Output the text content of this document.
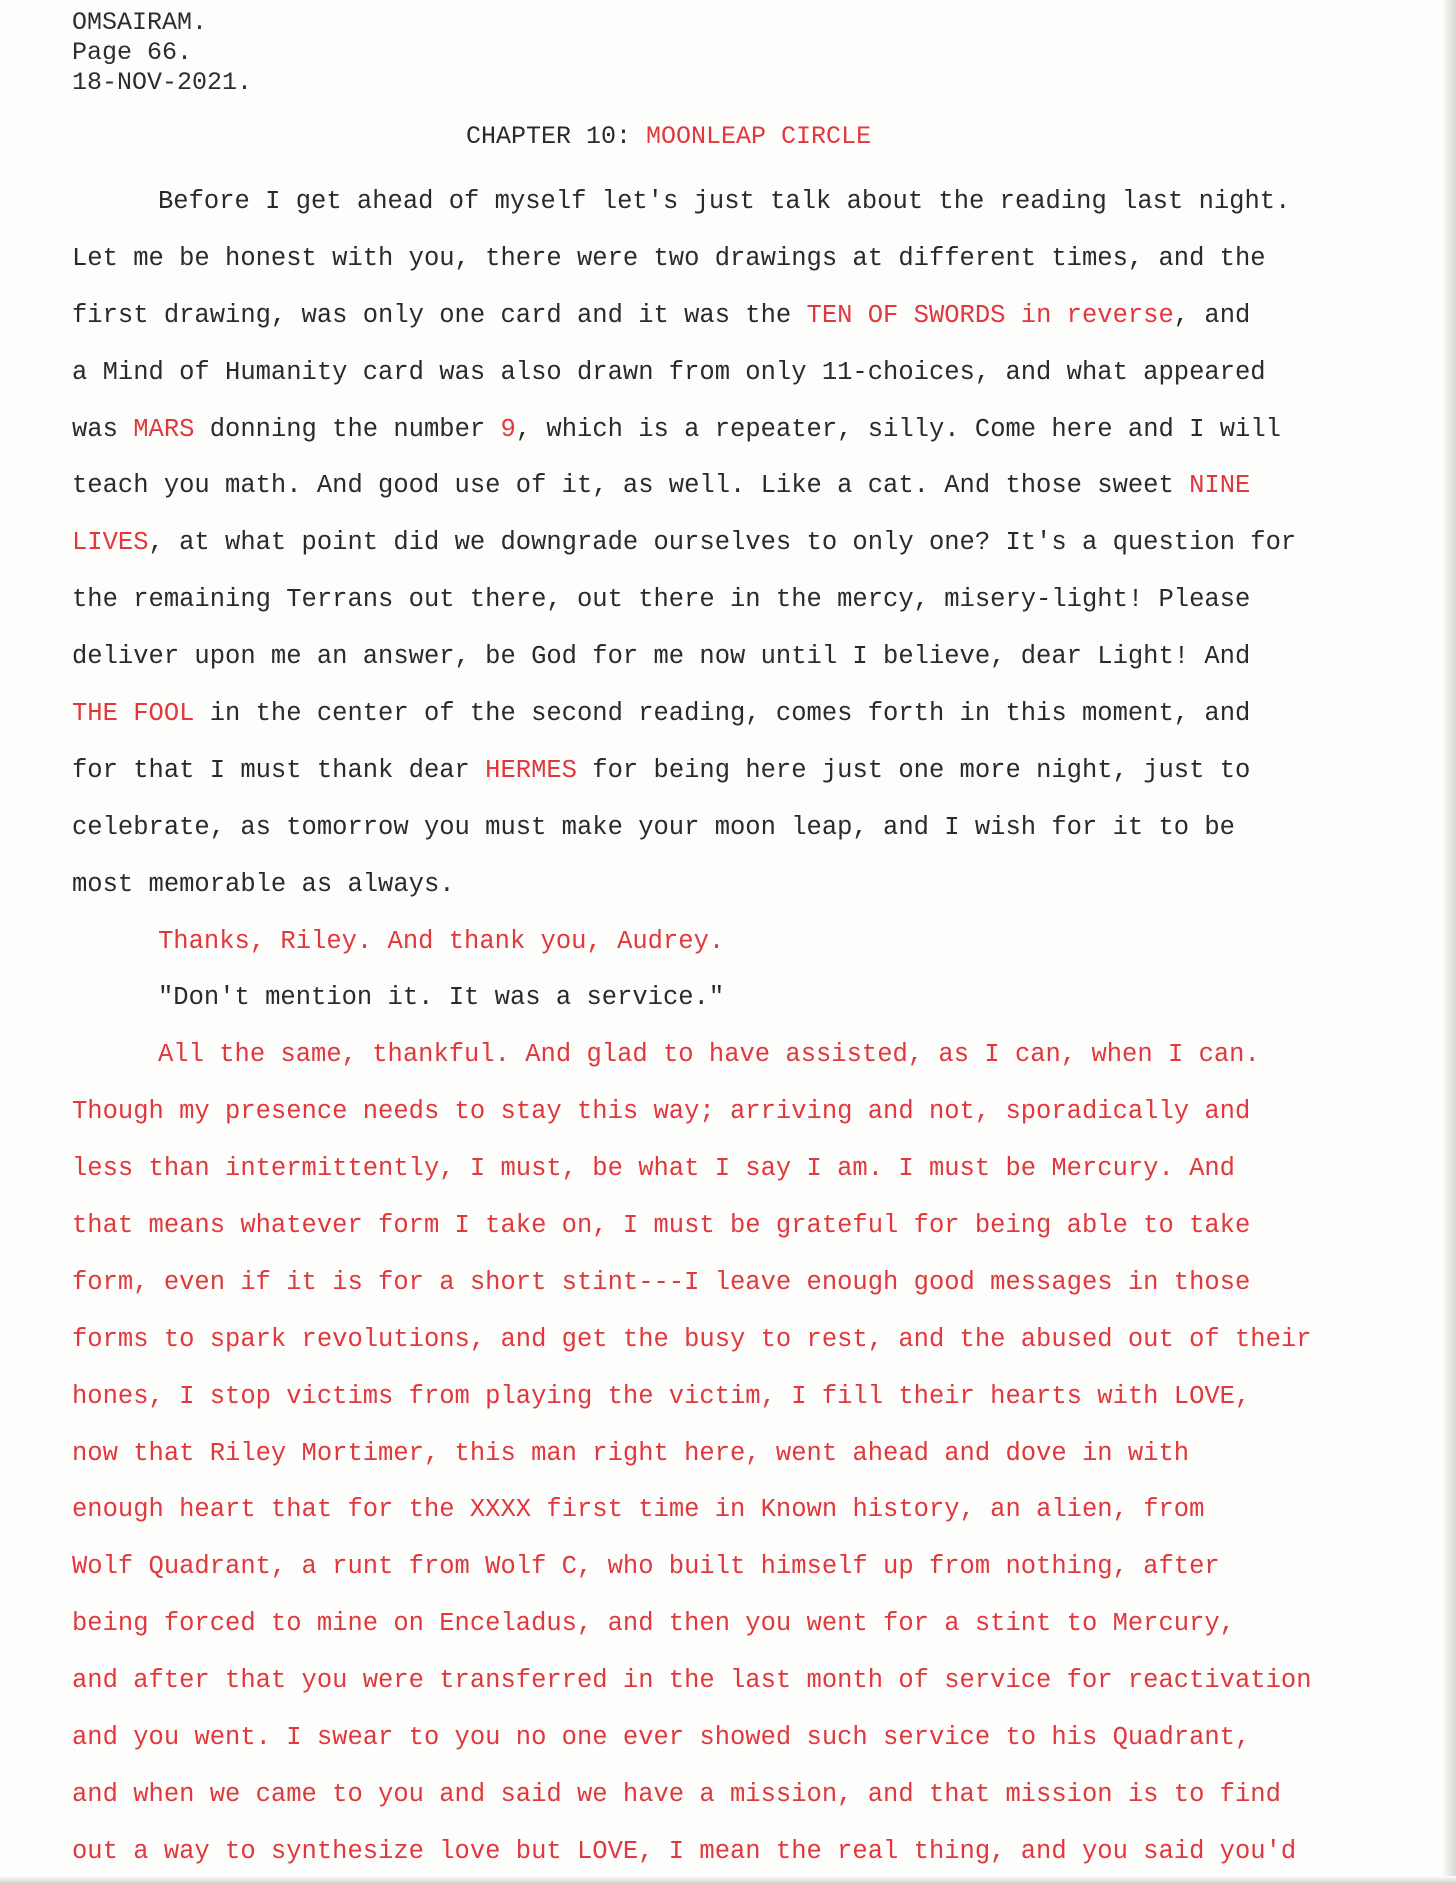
OMSAIRAM.
Page 66.
18-NOV-2021.
CHAPTER 10: MOONLEAP CIRCLE
Before I get ahead of myself let's just talk about the reading last night.
Let me be honest with you, there were two drawings at different times, and the
first drawing, was only one card and it was the TEN OF SWORDS in reverse, and
a Mind of Humanity card was also drawn from only 11-choices, and what appeared
was MARS donning the number 9, which is a repeater, silly. Come here and I will
teach you math. And good use of it, as well. Like a cat. And those sweet NINE
LIVES, at what point did we downgrade ourselves to only one? It's a question for
the remaining Terrans out there, out there in the mercy, misery-light! Please
deliver upon me an answer, be God for me now until I believe, dear Light! And
THE FOOL in the center of the second reading, comes forth in this moment, and
for that I must thank dear HERMES for being here just one more night, just to
celebrate, as tomorrow you must make your moon leap, and I wish for it to be
most memorable as always.
Thanks, Riley. And thank you, Audrey.
"Don't mention it. It was a service."
All the same, thankful. And glad to have assisted, as I can, when I can.
Though my presence needs to stay this way; arriving and not, sporadically and
less than intermittently, I must, be what I say I am. I must be Mercury. And
that means whatever form I take on, I must be grateful for being able to take
form, even if it is for a short stint---I leave enough good messages in those
forms to spark revolutions, and get the busy to rest, and the abused out of their
hones, I stop victims from playing the victim, I fill their hearts with LOVE,
now that Riley Mortimer, this man right here, went ahead and dove in with
enough heart that for the XXXX first time in Known history, an alien, from
Wolf Quadrant, a runt from Wolf C, who built himself up from nothing, after
being forced to mine on Enceladus, and then you went for a stint to Mercury,
and after that you were transferred in the last month of service for reactivation
and you went. I swear to you no one ever showed such service to his Quadrant,
and when we came to you and said we have a mission, and that mission is to find
out a way to synthesize love but LOVE, I mean the real thing, and you said you'd
